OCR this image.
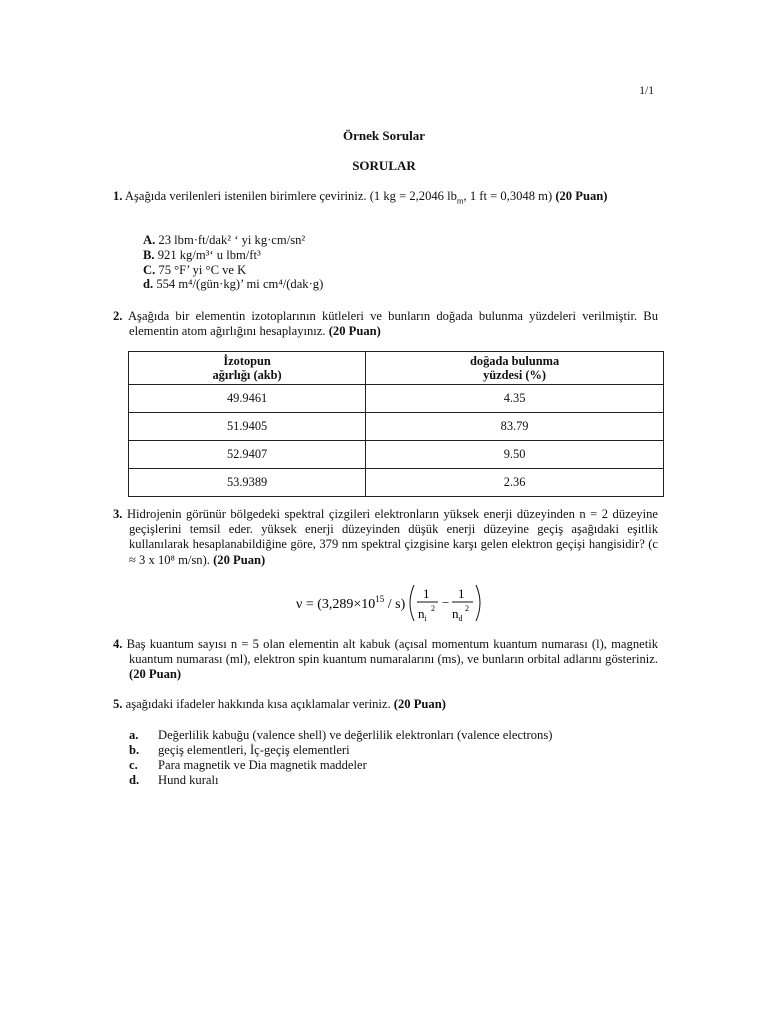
1/1
Örnek Sorular
SORULAR
1. Aşağıda verilenleri istenilen birimlere çeviriniz. (1 kg = 2,2046 $lb_m$, 1 ft = 0,3048 m) (20 Puan)
A. 23 lbm·ft/dak² ‘ yi kg·cm/sn²
B. 921 kg/m³‘ u lbm/ft³
C. 75 °F’ yi °C ve K
d. 554 m⁴/(gün·kg)’ mi cm⁴/(dak·g)
2. Aşağıda bir elementin izotoplarının kütleleri ve bunların doğada bulunma yüzdeleri verilmiştir. Bu elementin atom ağırlığını hesaplayınız. (20 Puan)
İzotopun
ağırlığı (akb)	doğada bulunma
yüzdesi (%)
49.9461	4.35
51.9405	83.79
52.9407	9.50
53.9389	2.36
3. Hidrojenin görünür bölgedeki spektral çizgileri elektronların yüksek enerji düzeyinden n = 2 düzeyine geçişlerini temsil eder. yüksek enerji düzeyinden düşük enerji düzeyine geçiş aşağıdaki eşitlik kullanılarak hesaplanabildiğine göre, 379 nm spektral çizgisine karşı gelen elektron geçişi hangisidir? (c ≈ 3 x 10⁸ m/sn). (20 Puan)
$\nu = (3,289\times 10^{15} / s)$
1
$n_i$
2 −
1
$n_d$
2
4. Baş kuantum sayısı n = 5 olan elementin alt kabuk (açısal momentum kuantum numarası (l), magnetik kuantum numarası (ml), elektron spin kuantum numaralarını (ms), ve bunların orbital adlarını gösteriniz. (20 Puan)
5. aşağıdaki ifadeler hakkında kısa açıklamalar veriniz. (20 Puan)
a.	Değerlilik kabuğu (valence shell) ve değerlilik elektronları (valence electrons)
b.	geçiş elementleri, İç-geçiş elementleri
c.	Para magnetik ve Dia magnetik maddeler
d.	Hund kuralı
